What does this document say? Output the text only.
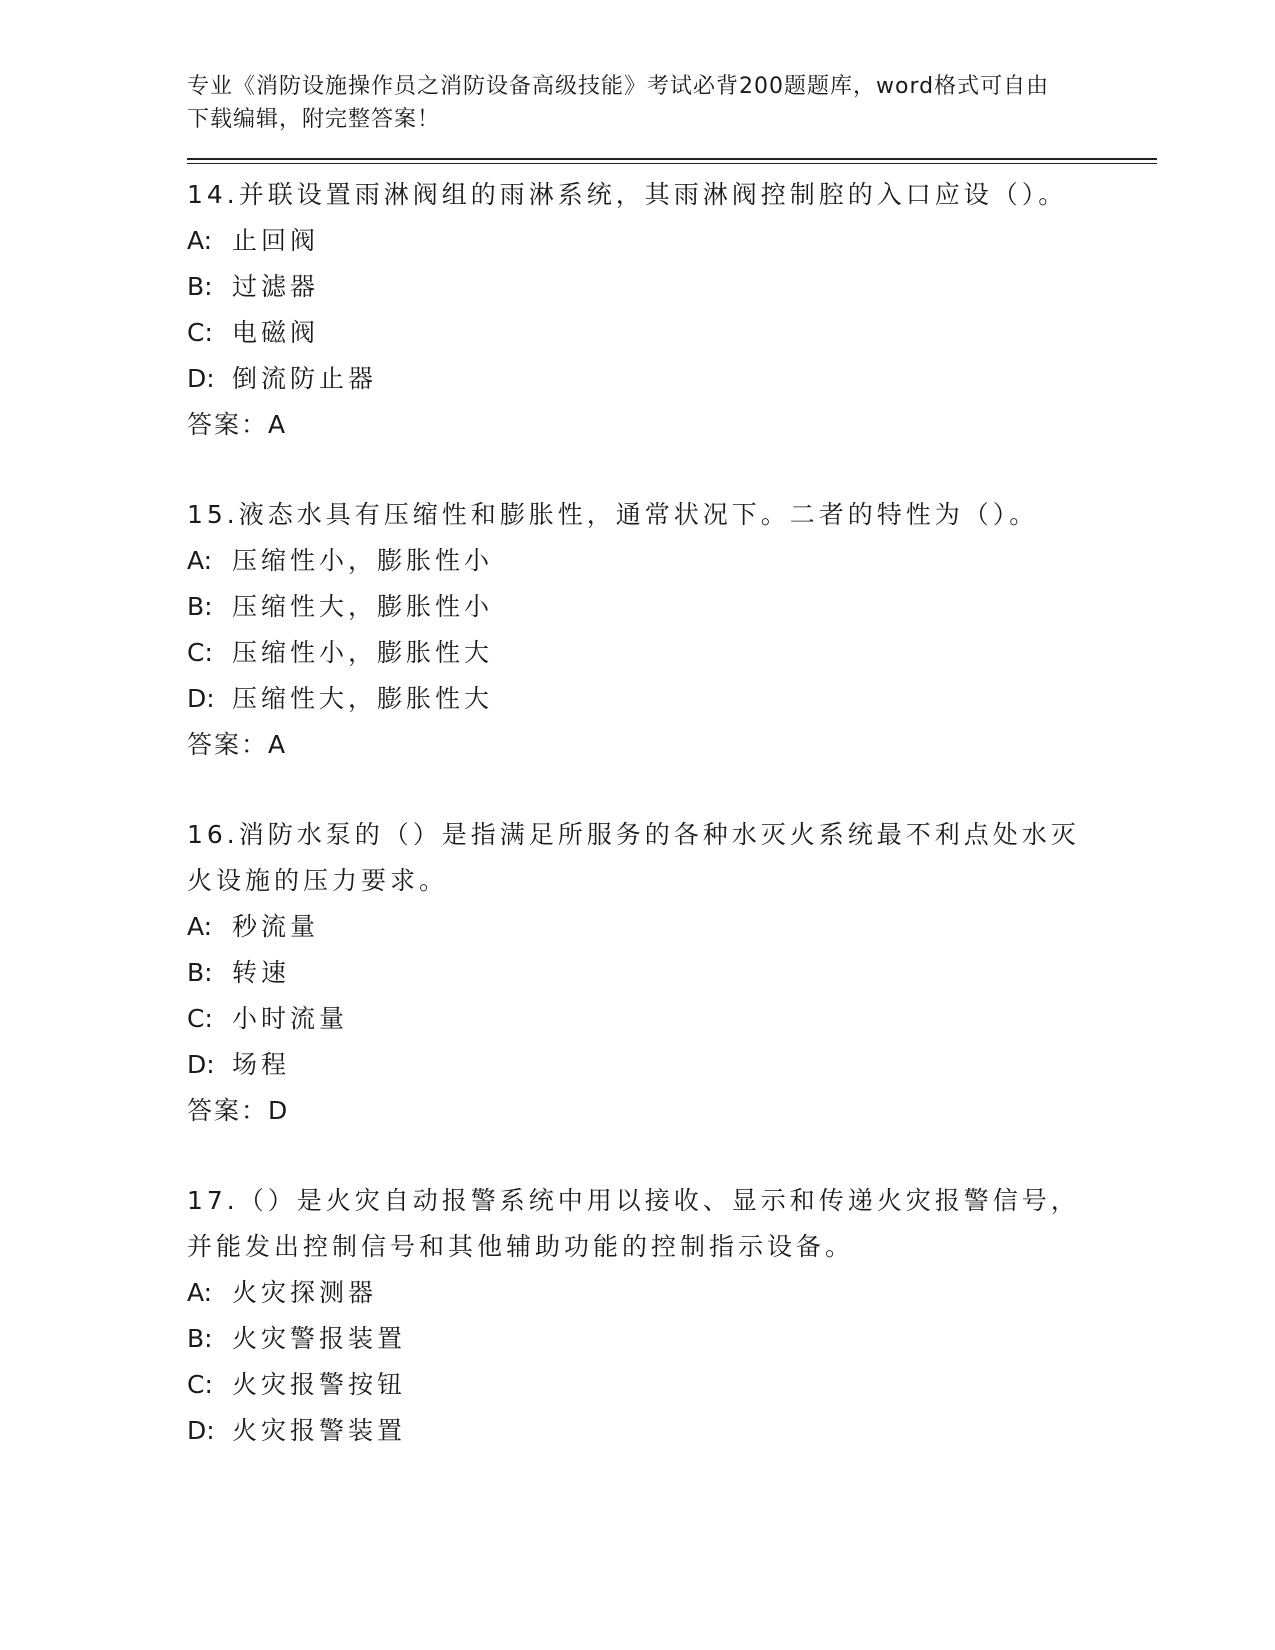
专业《消防设施操作员之消防设备高级技能》考试必背200题题库，word格式可自由下载编辑，附完整答案！

14.并联设置雨淋阀组的雨淋系统，其雨淋阀控制腔的入口应设（）。

A: 止回阀
B: 过滤器
C: 电磁阀
D: 倒流防止器

答案：A

15.液态水具有压缩性和膨胀性，通常状况下。二者的特性为（）。

A: 压缩性小，膨胀性小
B: 压缩性大，膨胀性小
C: 压缩性小，膨胀性大
D: 压缩性大，膨胀性大

答案：A

16.消防水泵的（）是指满足所服务的各种水灭火系统最不利点处水灭火设施的压力要求。

A: 秒流量
B: 转速
C: 小时流量
D: 场程

答案：D

17.（）是火灾自动报警系统中用以接收、显示和传递火灾报警信号，并能发出控制信号和其他辅助功能的控制指示设备。

A: 火灾探测器
B: 火灾警报装置
C: 火灾报警按钮
D: 火灾报警装置
